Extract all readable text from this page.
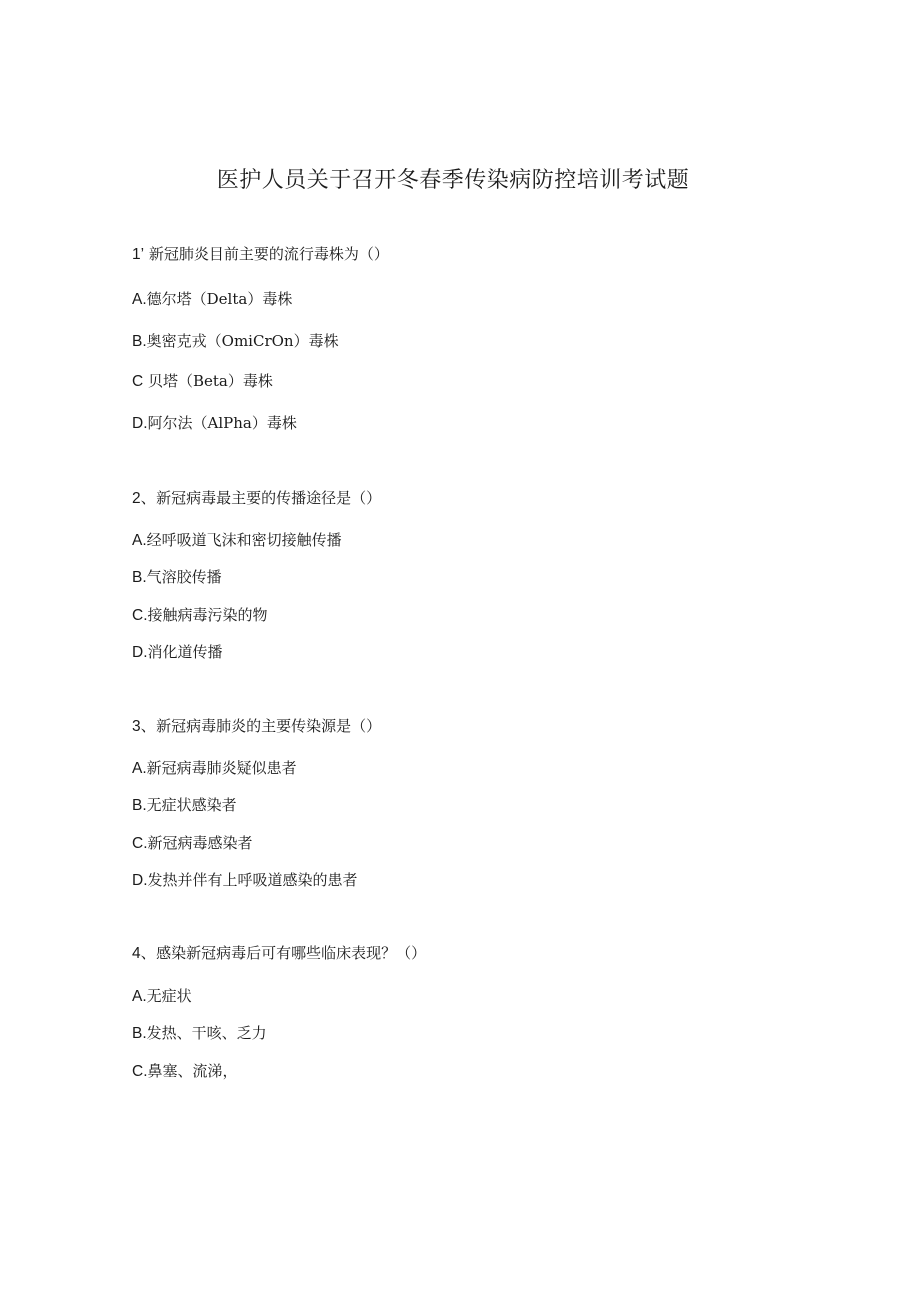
医护人员关于召开冬春季传染病防控培训考试题
1’ 新冠肺炎目前主要的流行毒株为（）
A.德尔塔（Delta）毒株
B.奥密克戎（OmiCrOn）毒株
C 贝塔（Beta）毒株
D.阿尔法（AlPha）毒株
2、新冠病毒最主要的传播途径是（）
A.经呼吸道飞沫和密切接触传播
B.气溶胶传播
C.接触病毒污染的物
D.消化道传播
3、新冠病毒肺炎的主要传染源是（）
A.新冠病毒肺炎疑似患者
B.无症状感染者
C.新冠病毒感染者
D.发热并伴有上呼吸道感染的患者
4、感染新冠病毒后可有哪些临床表现？（）
A.无症状
B.发热、干咳、乏力
C.鼻塞、流涕，
